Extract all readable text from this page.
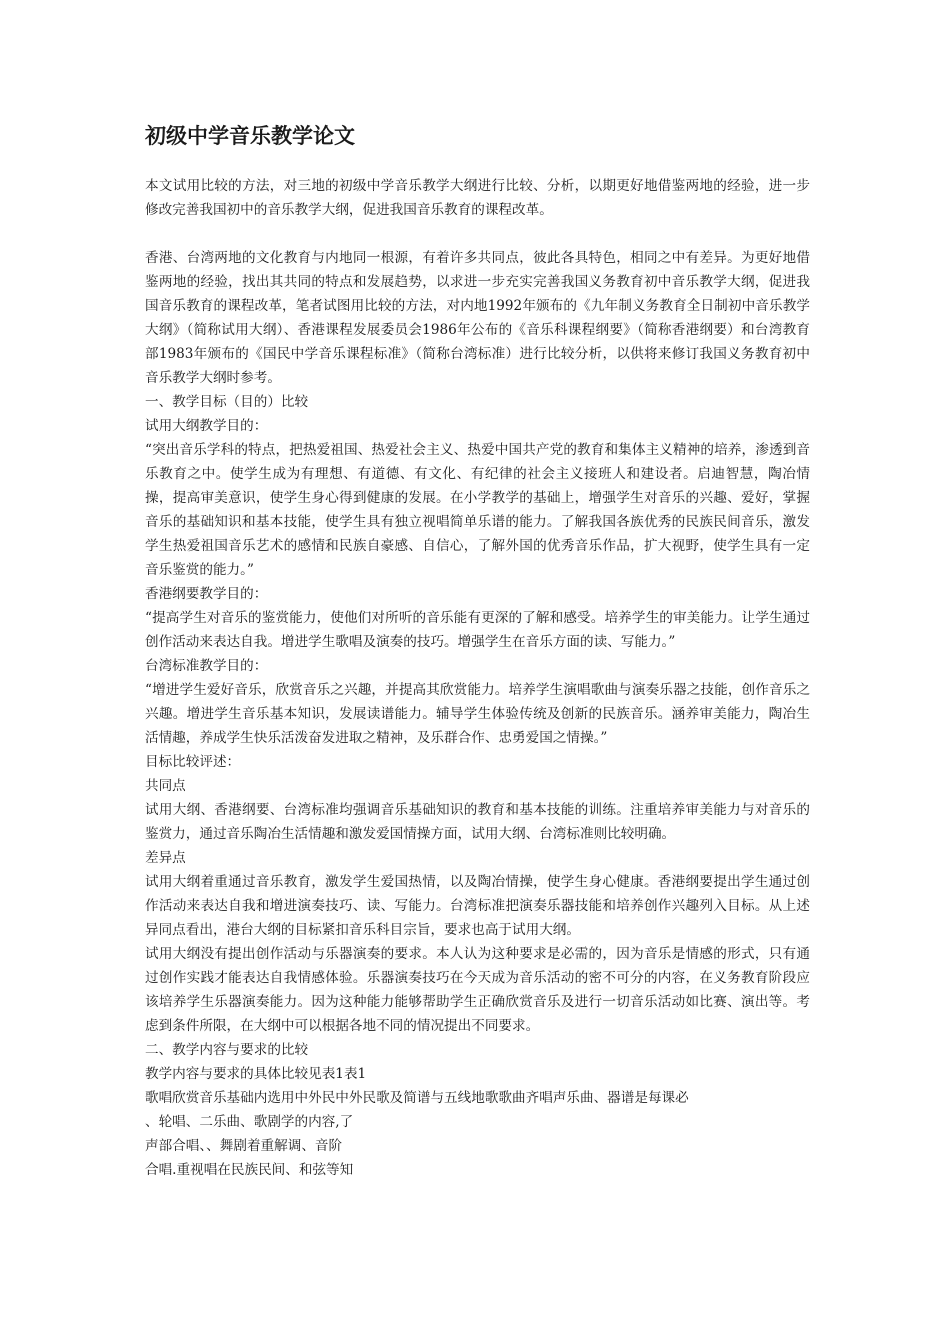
初级中学音乐教学论文

本文试用比较的方法，对三地的初级中学音乐教学大纲进行比较、分析，以期更好地借鉴两地的经验，进一步修改完善我国初中的音乐教学大纲，促进我国音乐教育的课程改革。

香港、台湾两地的文化教育与内地同一根源，有着许多共同点，彼此各具特色，相同之中有差异。为更好地借鉴两地的经验，找出其共同的特点和发展趋势，以求进一步充实完善我国义务教育初中音乐教学大纲，促进我国音乐教育的课程改革，笔者试图用比较的方法，对内地1992年颁布的《九年制义务教育全日制初中音乐教学大纲》（简称试用大纲）、香港课程发展委员会1986年公布的《音乐科课程纲要》（简称香港纲要）和台湾教育部1983年颁布的《国民中学音乐课程标准》（简称台湾标准）进行比较分析，以供将来修订我国义务教育初中音乐教学大纲时参考。

一、教学目标（目的）比较

试用大纲教学目的：

“突出音乐学科的特点，把热爱祖国、热爱社会主义、热爱中国共产党的教育和集体主义精神的培养，渗透到音乐教育之中。使学生成为有理想、有道德、有文化、有纪律的社会主义接班人和建设者。启迪智慧，陶冶情操，提高审美意识，使学生身心得到健康的发展。在小学教学的基础上，增强学生对音乐的兴趣、爱好，掌握音乐的基础知识和基本技能，使学生具有独立视唱简单乐谱的能力。了解我国各族优秀的民族民间音乐，激发学生热爱祖国音乐艺术的感情和民族自豪感、自信心，了解外国的优秀音乐作品，扩大视野，使学生具有一定音乐鉴赏的能力。”

香港纲要教学目的：

“提高学生对音乐的鉴赏能力，使他们对所听的音乐能有更深的了解和感受。培养学生的审美能力。让学生通过创作活动来表达自我。增进学生歌唱及演奏的技巧。增强学生在音乐方面的读、写能力。”

台湾标准教学目的：

“增进学生爱好音乐，欣赏音乐之兴趣，并提高其欣赏能力。培养学生演唱歌曲与演奏乐器之技能，创作音乐之兴趣。增进学生音乐基本知识，发展读谱能力。辅导学生体验传统及创新的民族音乐。涵养审美能力，陶冶生活情趣，养成学生快乐活泼奋发进取之精神，及乐群合作、忠勇爱国之情操。”

目标比较评述：

共同点

试用大纲、香港纲要、台湾标准均强调音乐基础知识的教育和基本技能的训练。注重培养审美能力与对音乐的鉴赏力，通过音乐陶冶生活情趣和激发爱国情操方面，试用大纲、台湾标准则比较明确。

差异点

试用大纲着重通过音乐教育，激发学生爱国热情，以及陶冶情操，使学生身心健康。香港纲要提出学生通过创作活动来表达自我和增进演奏技巧、读、写能力。台湾标准把演奏乐器技能和培养创作兴趣列入目标。从上述异同点看出，港台大纲的目标紧扣音乐科目宗旨，要求也高于试用大纲。

试用大纲没有提出创作活动与乐器演奏的要求。本人认为这种要求是必需的，因为音乐是情感的形式，只有通过创作实践才能表达自我情感体验。乐器演奏技巧在今天成为音乐活动的密不可分的内容，在义务教育阶段应该培养学生乐器演奏能力。因为这种能力能够帮助学生正确欣赏音乐及进行一切音乐活动如比赛、演出等。考虑到条件所限，在大纲中可以根据各地不同的情况提出不同要求。

二、教学内容与要求的比较

教学内容与要求的具体比较见表1表1

歌唱欣赏音乐基础内选用中外民中外民歌及简谱与五线地歌歌曲齐唱声乐曲、器谱是每课必

、轮唱、二乐曲、歌剧学的内容,了

声部合唱、、舞剧着重解调、音阶

合唱.重视唱在民族民间、和弦等知
